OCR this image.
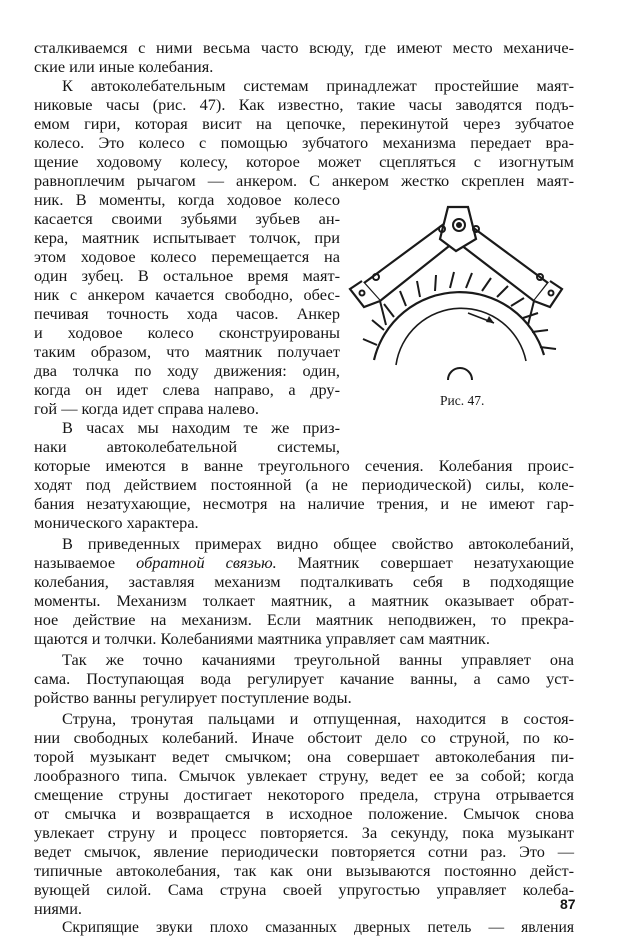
сталкиваемся с ними весьма часто всюду, где имеют место механиче-
ские или иные колебания.
К автоколебательным системам принадлежат простейшие маят-
никовые часы (рис. 47). Как известно, такие часы заводятся подъ-
емом гири, которая висит на цепочке, перекинутой через зубчатое
колесо. Это колесо с помощью зубчатого механизма передает вра-
щение ходовому колесу, которое может сцепляться с изогнутым
равноплечим рычагом — анкером. С анкером жестко скреплен маят-
ник. В моменты, когда ходовое колесо
касается своими зубьями зубьев ан-
кера, маятник испытывает толчок, при
этом ходовое колесо перемещается на
один зубец. В остальное время маят-
ник с анкером качается свободно, обес-
печивая точность хода часов. Анкер
и ходовое колесо сконструированы
таким образом, что маятник получает
два толчка по ходу движения: один,
когда он идет слева направо, а дру-
гой — когда идет справа налево.
В часах мы находим те же приз-
наки автоколебательной системы,
которые имеются в ванне треугольного сечения. Колебания проис-
ходят под действием постоянной (а не периодической) силы, коле-
бания незатухающие, несмотря на наличие трения, и не имеют гар-
монического характера.
В приведенных примерах видно общее свойство автоколебаний,
называемое обратной связью. Маятник совершает незатухающие
колебания, заставляя механизм подталкивать себя в подходящие
моменты. Механизм толкает маятник, а маятник оказывает обрат-
ное действие на механизм. Если маятник неподвижен, то прекра-
щаются и толчки. Колебаниями маятника управляет сам маятник.
Так же точно качаниями треугольной ванны управляет она
сама. Поступающая вода регулирует качание ванны, а само уст-
ройство ванны регулирует поступление воды.
Струна, тронутая пальцами и отпущенная, находится в состоя-
нии свободных колебаний. Иначе обстоит дело со струной, по ко-
торой музыкант ведет смычком; она совершает автоколебания пи-
лообразного типа. Смычок увлекает струну, ведет ее за собой; когда
смещение струны достигает некоторого предела, струна отрывается
от смычка и возвращается в исходное положение. Смычок снова
увлекает струну и процесс повторяется. За секунду, пока музыкант
ведет смычок, явление периодически повторяется сотни раз. Это —
типичные автоколебания, так как они вызываются постоянно дейст-
вующей силой. Сама струна своей упругостью управляет колеба-
ниями.
Скрипящие звуки плохо смазанных дверных петель — явления
Рис. 47.
87
